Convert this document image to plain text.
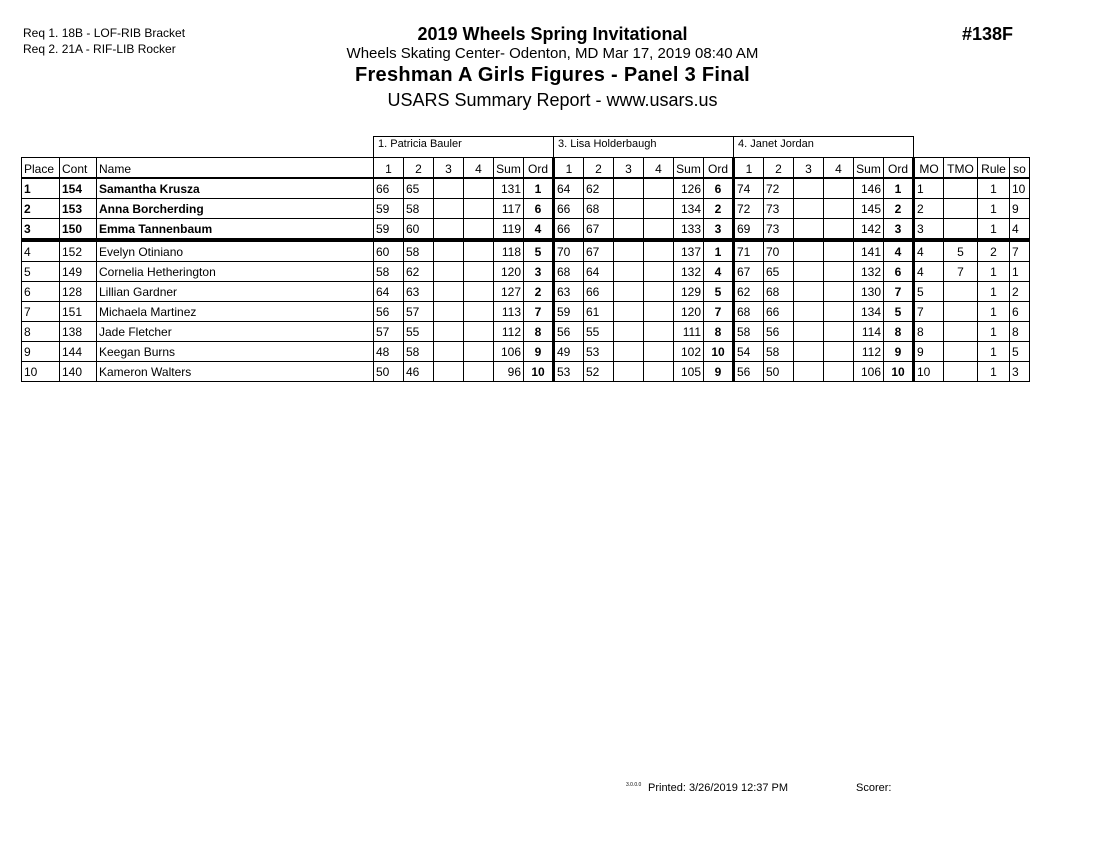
Req 1. 18B - LOF-RIB Bracket
Req 2. 21A - RIF-LIB Rocker
#138F
2019 Wheels Spring Invitational
Wheels Skating Center- Odenton, MD Mar 17, 2019 08:40 AM
Freshman A Girls Figures - Panel 3 Final
USARS Summary Report - www.usars.us
			1. Patricia Bauler						3. Lisa Holderbaugh						4. Janet Jordan									
Place	Cont	Name	1	2	3	4	Sum	Ord	1	2	3	4	Sum	Ord	1	2	3	4	Sum	Ord	MO	TMO	Rule	so
1	154	Samantha Krusza	66	65			131	1	64	62			126	6	74	72			146	1	1		1	10
2	153	Anna Borcherding	59	58			117	6	66	68			134	2	72	73			145	2	2		1	9
3	150	Emma Tannenbaum	59	60			119	4	66	67			133	3	69	73			142	3	3		1	4
4	152	Evelyn Otiniano	60	58			118	5	70	67			137	1	71	70			141	4	4	5	2	7
5	149	Cornelia Hetherington	58	62			120	3	68	64			132	4	67	65			132	6	4	7	1	1
6	128	Lillian Gardner	64	63			127	2	63	66			129	5	62	68			130	7	5		1	2
7	151	Michaela Martinez	56	57			113	7	59	61			120	7	68	66			134	5	7		1	6
8	138	Jade Fletcher	57	55			112	8	56	55			111	8	58	56			114	8	8		1	8
9	144	Keegan Burns	48	58			106	9	49	53			102	10	54	58			112	9	9		1	5
10	140	Kameron Walters	50	46			96	10	53	52			105	9	56	50			106	10	10		1	3
3.0.0.0 Printed: 3/26/2019 12:37 PM	Scorer:
